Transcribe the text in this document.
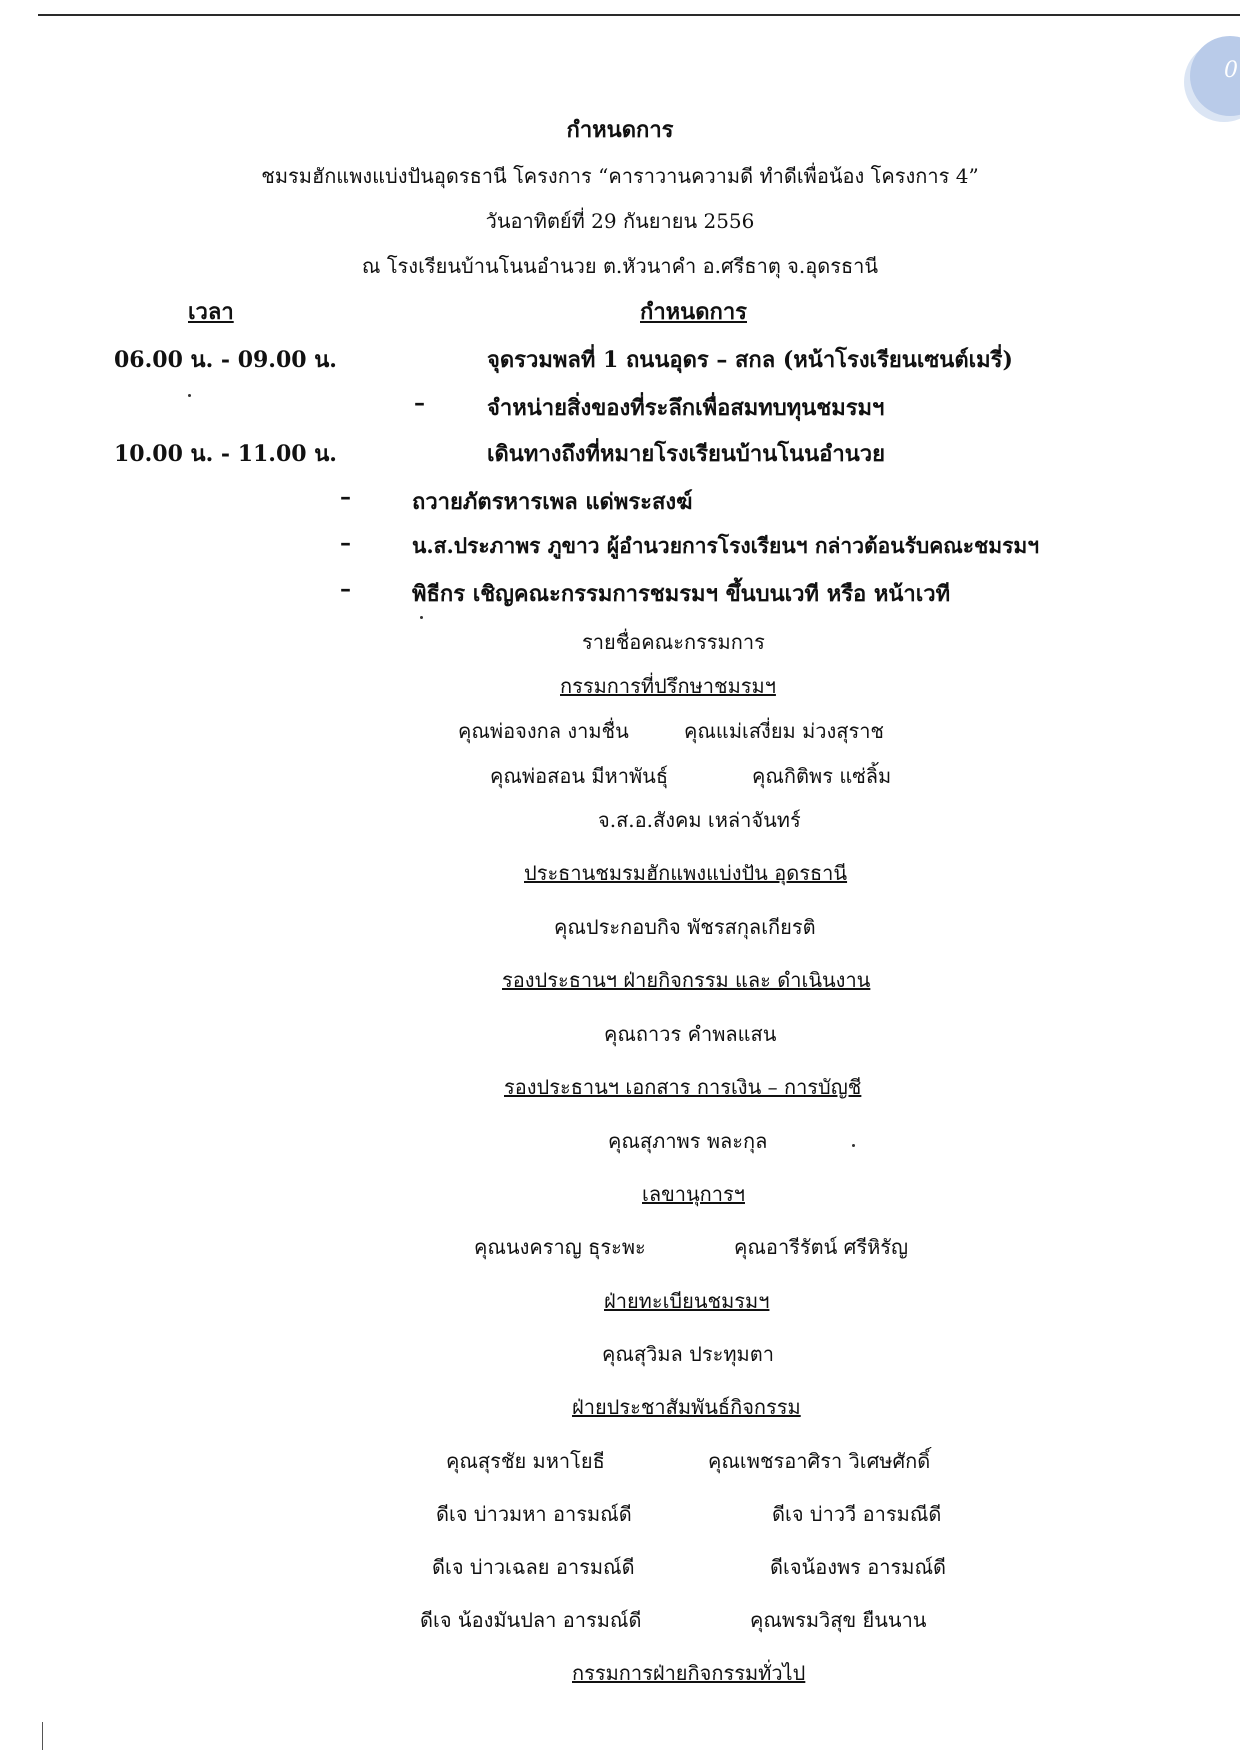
0
กำหนดการ
ชมรมฮักแพงแบ่งปันอุดรธานี โครงการ “คาราวานความดี ทำดีเพื่อน้อง โครงการ 4”
วันอาทิตย์ที่ 29 กันยายน 2556
ณ โรงเรียนบ้านโนนอำนวย ต.หัวนาคำ อ.ศรีธาตุ จ.อุดรธานี
เวลา	กำหนดการ
06.00 น. - 09.00 น.	จุดรวมพลที่ 1 ถนนอุดร – สกล (หน้าโรงเรียนเซนต์เมรี่)
–	จำหน่ายสิ่งของที่ระลึกเพื่อสมทบทุนชมรมฯ
10.00 น. - 11.00 น.	เดินทางถึงที่หมายโรงเรียนบ้านโนนอำนวย
–	ถวายภัตรหารเพล แด่พระสงฆ์
–	น.ส.ประภาพร ภูขาว ผู้อำนวยการโรงเรียนฯ กล่าวต้อนรับคณะชมรมฯ
–	พิธีกร เชิญคณะกรรมการชมรมฯ ขึ้นบนเวที หรือ หน้าเวที
รายชื่อคณะกรรมการ
กรรมการที่ปรึกษาชมรมฯ
คุณพ่อจงกล งามชื่น	คุณแม่เสงี่ยม ม่วงสุราช
คุณพ่อสอน มีหาพันธุ์	คุณกิติพร แซ่ลิ้ม
จ.ส.อ.สังคม เหล่าจันทร์
ประธานชมรมฮักแพงแบ่งปัน อุดรธานี
คุณประกอบกิจ พัชรสกุลเกียรติ
รองประธานฯ ฝ่ายกิจกรรม และ ดำเนินงาน
คุณถาวร คำพลแสน
รองประธานฯ เอกสาร การเงิน – การบัญชี
คุณสุภาพร พละกุล
เลขานุการฯ
คุณนงคราญ ธุระพะ	คุณอารีรัตน์ ศรีหิรัญ
ฝ่ายทะเบียนชมรมฯ
คุณสุวิมล ประทุมตา
ฝ่ายประชาสัมพันธ์กิจกรรม
คุณสุรชัย มหาโยธี	คุณเพชรอาศิรา วิเศษศักดิ์
ดีเจ บ่าวมหา อารมณ์ดี	ดีเจ บ่าววี อารมณีดี
ดีเจ บ่าวเฉลย อารมณ์ดี	ดีเจน้องพร อารมณ์ดี
ดีเจ น้องมันปลา อารมณ์ดี	คุณพรมวิสุข ยืนนาน
กรรมการฝ่ายกิจกรรมทั่วไป
